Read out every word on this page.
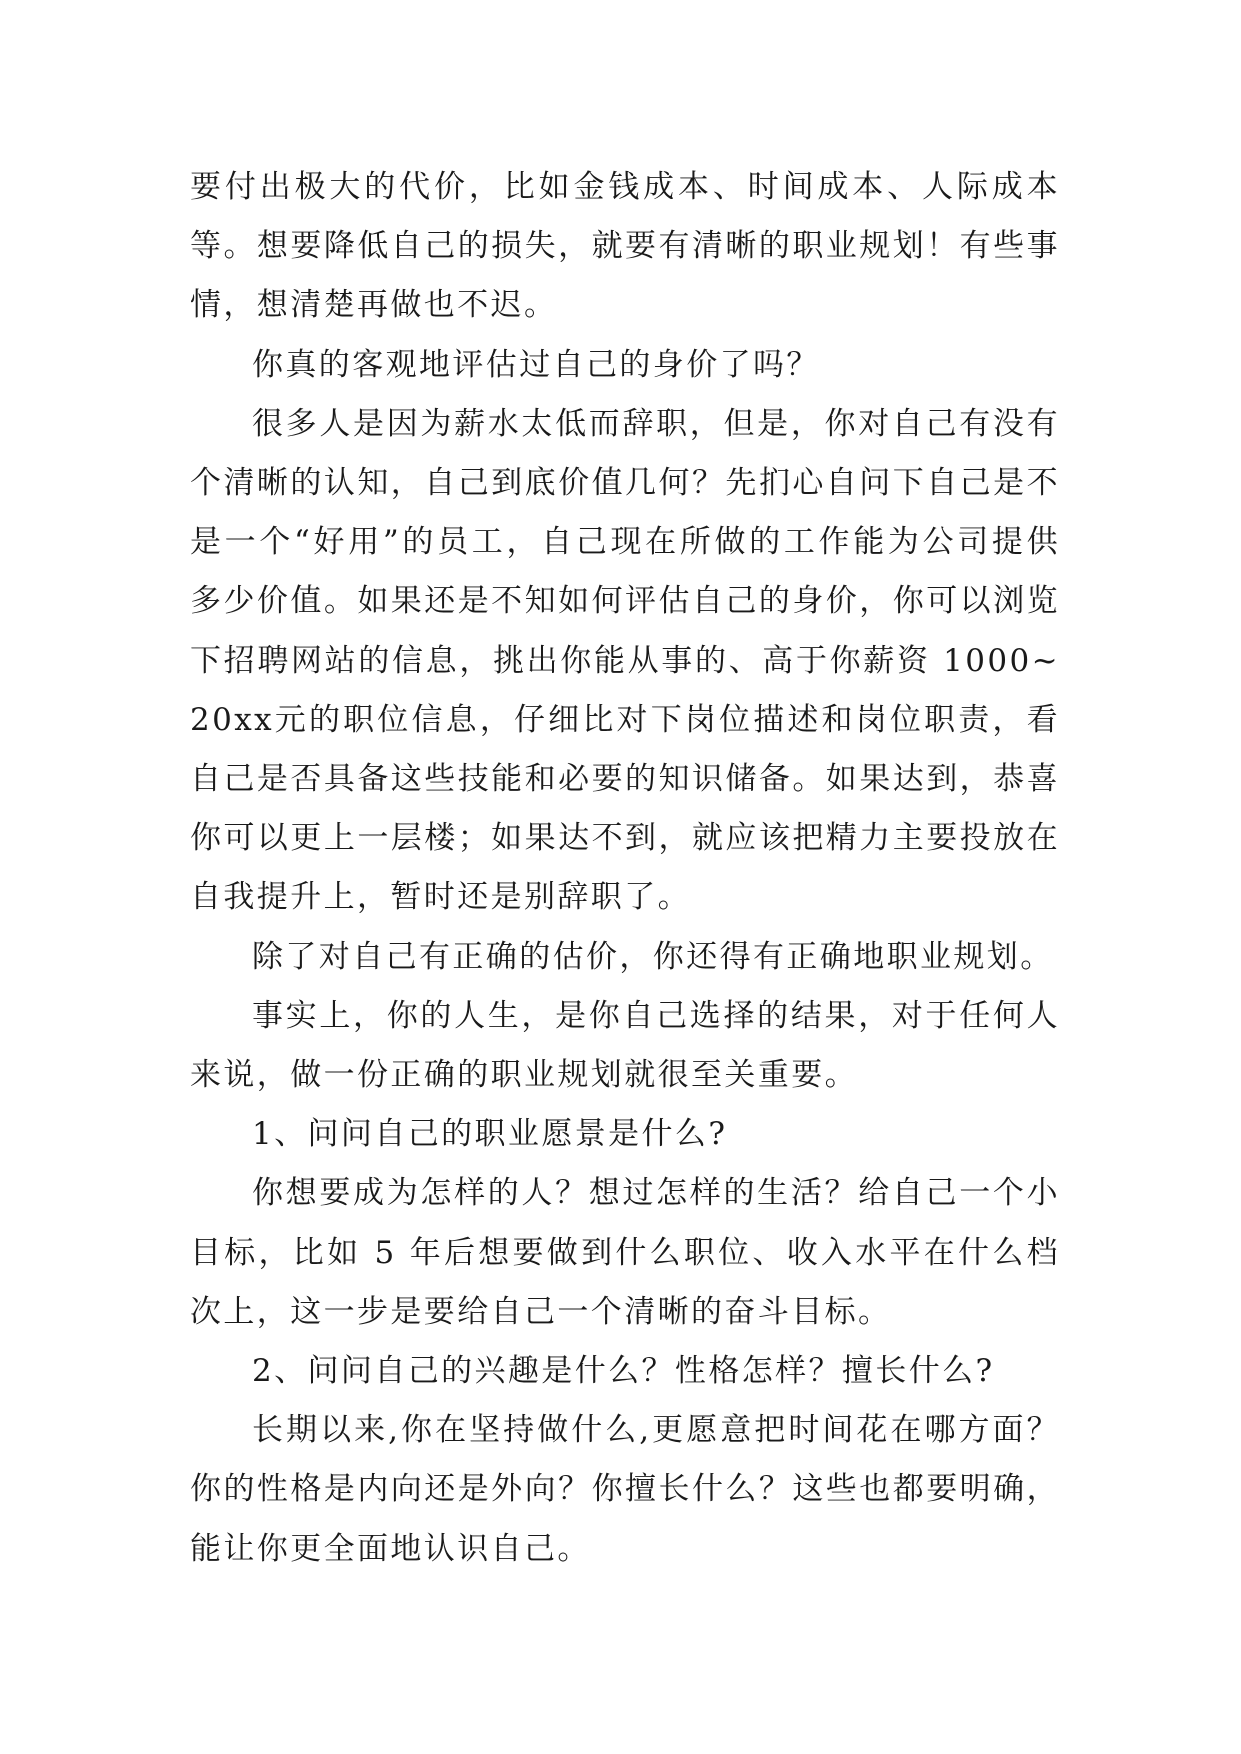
要付出极大的代价，比如金钱成本、时间成本、人际成本等。想要降低自己的损失，就要有清晰的职业规划！有些事情，想清楚再做也不迟。

你真的客观地评估过自己的身价了吗？

很多人是因为薪水太低而辞职，但是，你对自己有没有个清晰的认知，自己到底价值几何？先扪心自问下自己是不是一个“好用”的员工，自己现在所做的工作能为公司提供多少价值。如果还是不知如何评估自己的身价，你可以浏览下招聘网站的信息，挑出你能从事的、高于你薪资 1000~20xx元的职位信息，仔细比对下岗位描述和岗位职责，看自己是否具备这些技能和必要的知识储备。如果达到，恭喜你可以更上一层楼；如果达不到，就应该把精力主要投放在自我提升上，暂时还是别辞职了。

除了对自己有正确的估价，你还得有正确地职业规划。

事实上，你的人生，是你自己选择的结果，对于任何人来说，做一份正确的职业规划就很至关重要。

1、问问自己的职业愿景是什么?

你想要成为怎样的人？想过怎样的生活？给自己一个小目标，比如 5 年后想要做到什么职位、收入水平在什么档次上，这一步是要给自己一个清晰的奋斗目标。

2、问问自己的兴趣是什么？性格怎样？擅长什么?

长期以来,你在坚持做什么,更愿意把时间花在哪方面？你的性格是内向还是外向？你擅长什么？这些也都要明确，能让你更全面地认识自己。
